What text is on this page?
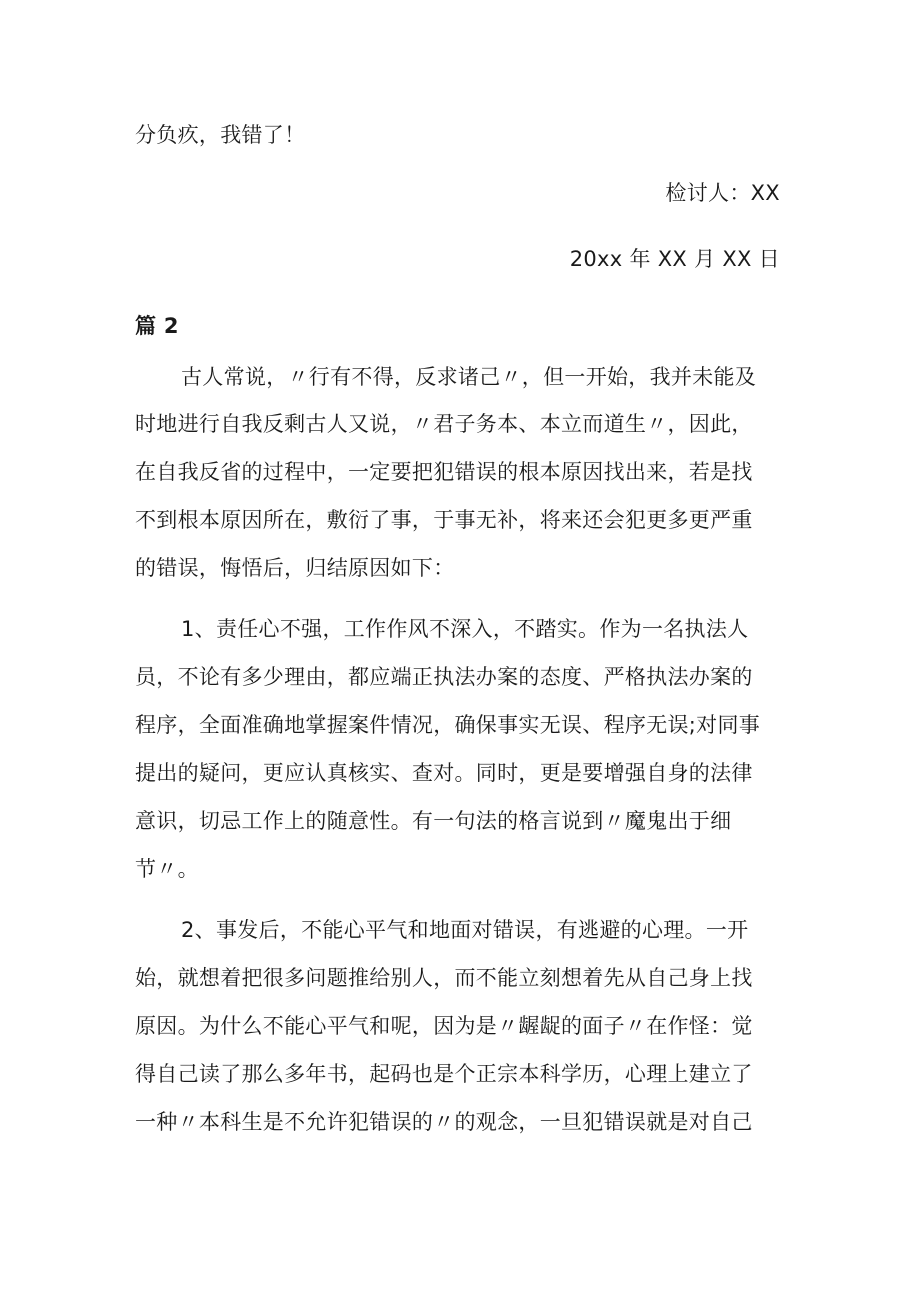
分负疚，我错了！
检讨人：XX
20xx 年 XX 月 XX 日
篇 2
古人常说，〃行有不得，反求诸己〃，但一开始，我并未能及
时地进行自我反剩古人又说，〃君子务本、本立而道生〃，因此，
在自我反省的过程中，一定要把犯错误的根本原因找出来，若是找
不到根本原因所在，敷衍了事，于事无补，将来还会犯更多更严重
的错误，悔悟后，归结原因如下：
1、责任心不强，工作作风不深入，不踏实。作为一名执法人
员，不论有多少理由，都应端正执法办案的态度、严格执法办案的
程序，全面准确地掌握案件情况，确保事实无误、程序无误;对同事
提出的疑问，更应认真核实、查对。同时，更是要增强自身的法律
意识，切忌工作上的随意性。有一句法的格言说到〃魔鬼出于细
节〃。
2、事发后，不能心平气和地面对错误，有逃避的心理。一开
始，就想着把很多问题推给别人，而不能立刻想着先从自己身上找
原因。为什么不能心平气和呢，因为是〃龌龊的面子〃在作怪：觉
得自己读了那么多年书，起码也是个正宗本科学历，心理上建立了
一种〃本科生是不允许犯错误的〃的观念，一旦犯错误就是对自己
